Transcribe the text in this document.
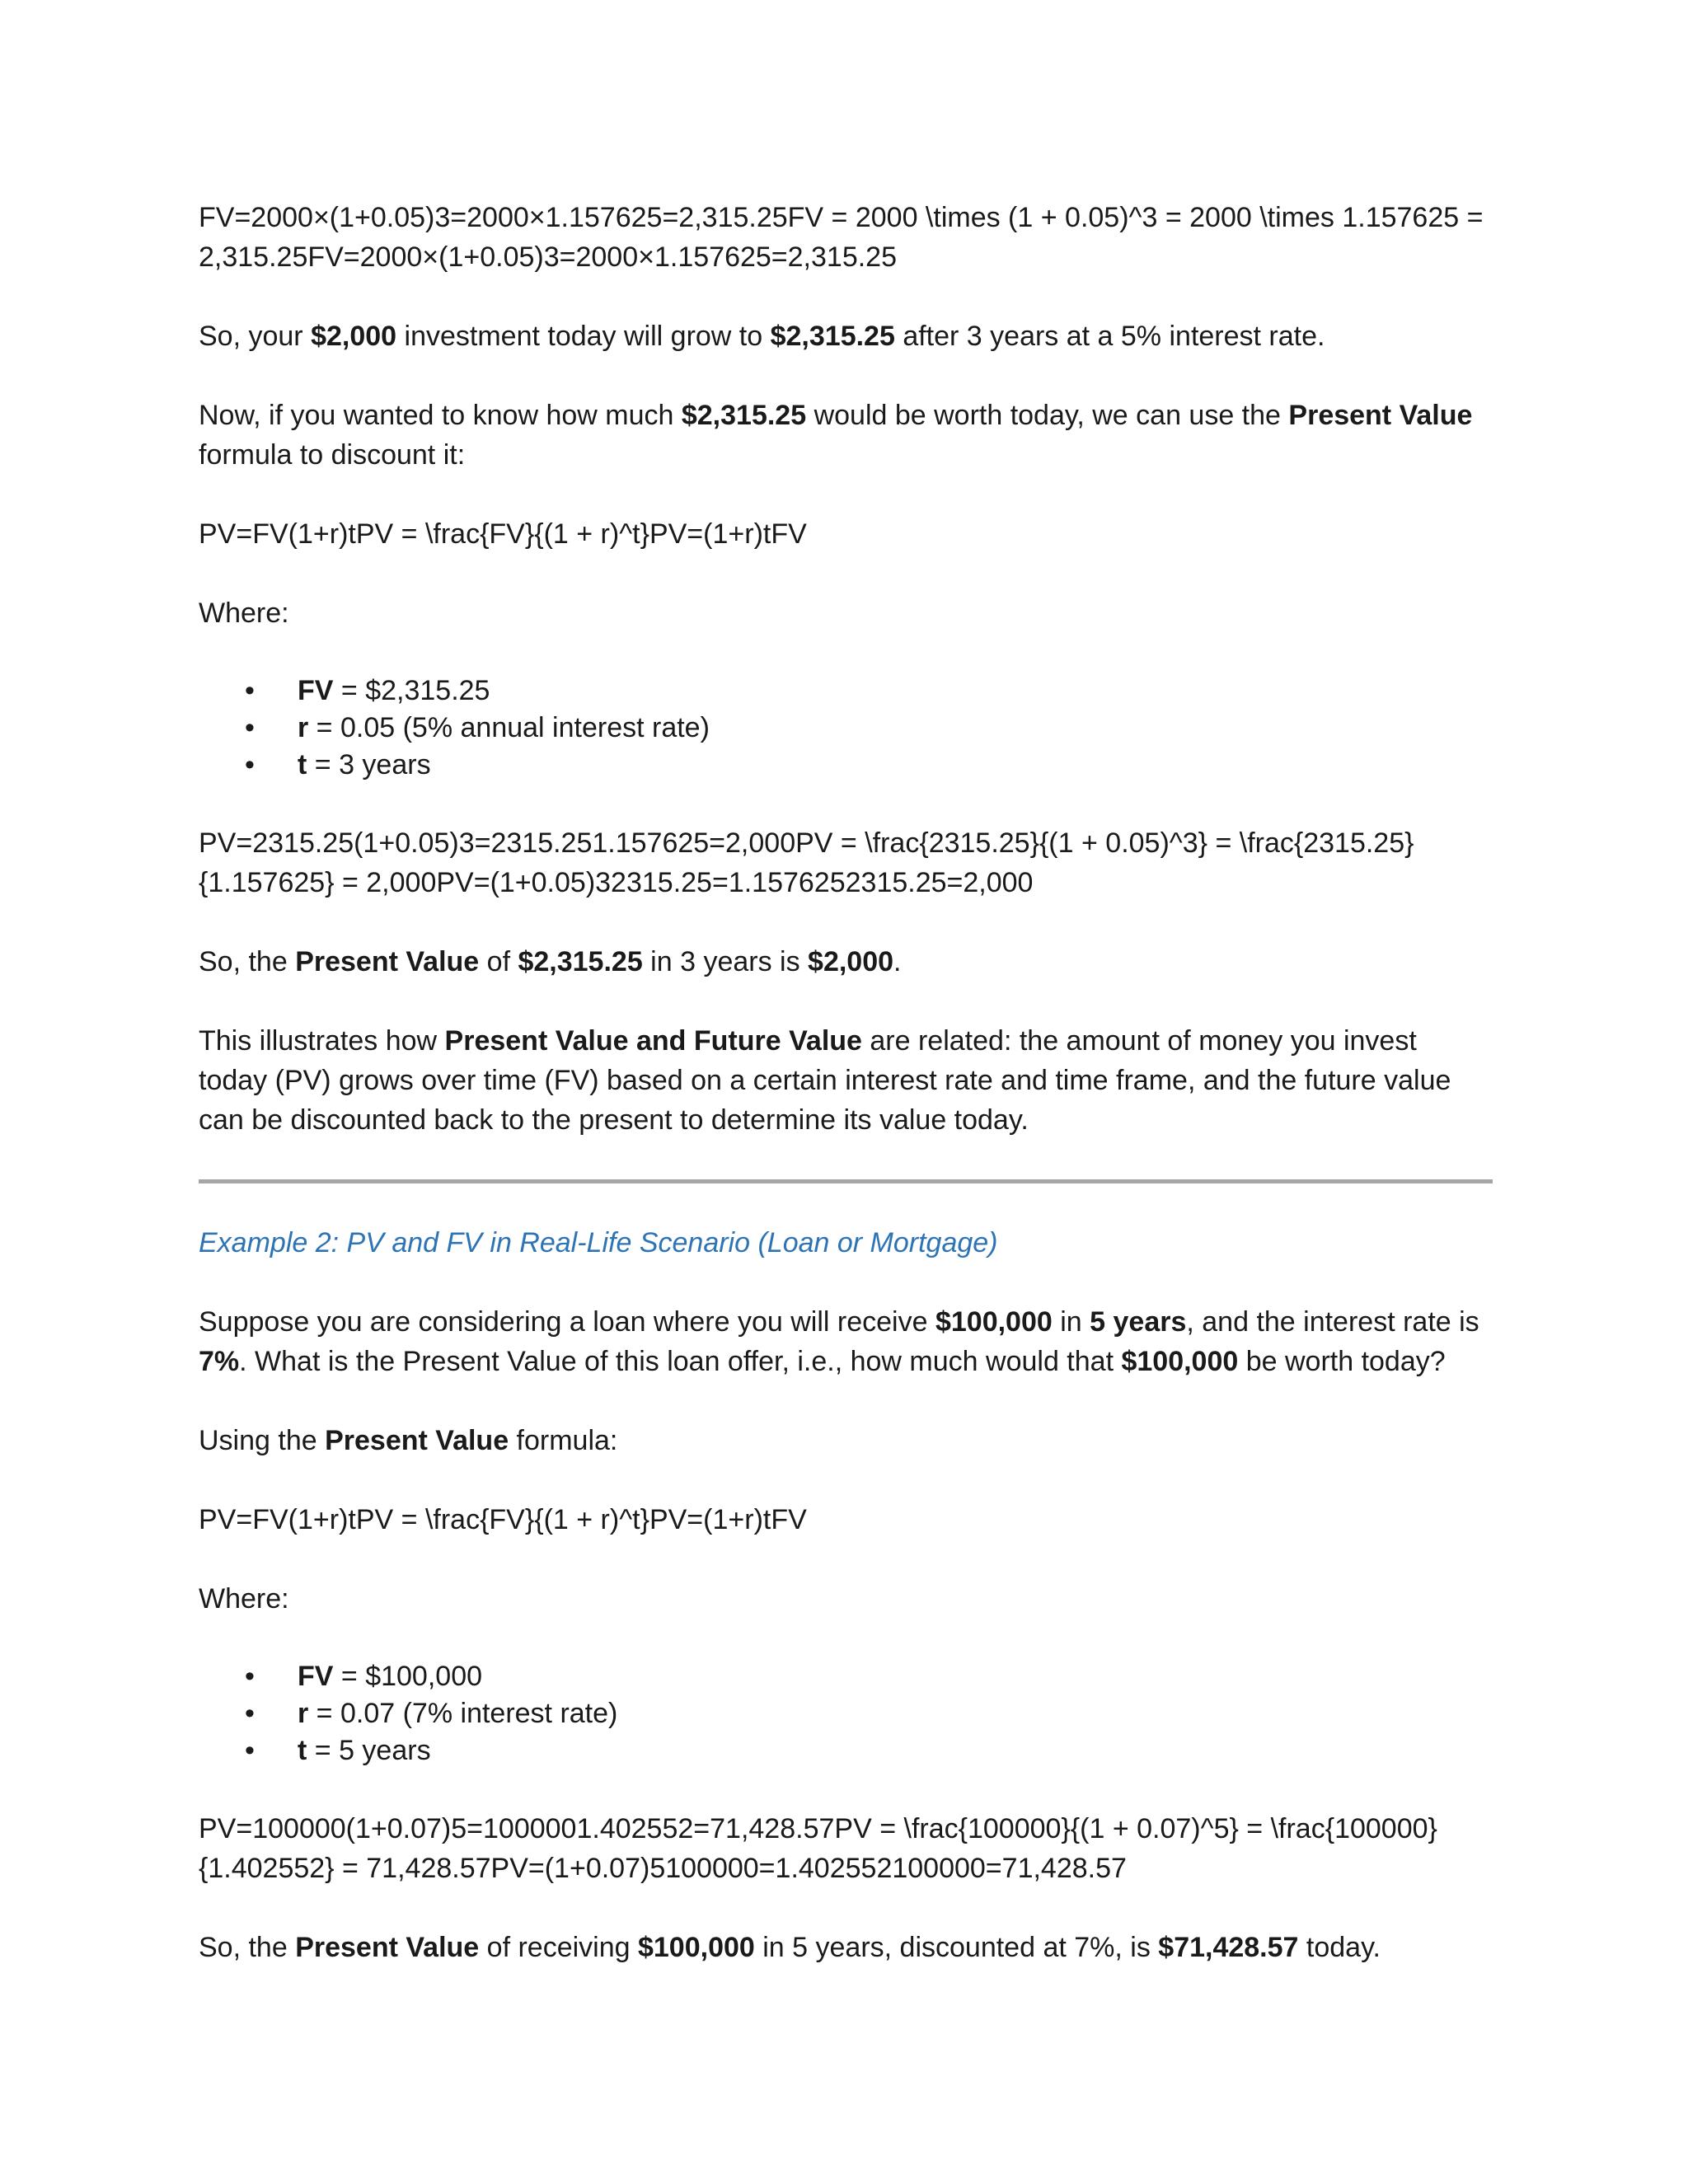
FV=2000×(1+0.05)3=2000×1.157625=2,315.25FV = 2000 \times (1 + 0.05)^3 = 2000 \times 1.157625 = 2,315.25FV=2000×(1+0.05)3=2000×1.157625=2,315.25

So, your $2,000 investment today will grow to $2,315.25 after 3 years at a 5% interest rate.

Now, if you wanted to know how much $2,315.25 would be worth today, we can use the Present Value formula to discount it:

PV=FV(1+r)tPV = \frac{FV}{(1 + r)^t}PV=(1+r)tFV

Where:

• FV = $2,315.25
• r = 0.05 (5% annual interest rate)
• t = 3 years

PV=2315.25(1+0.05)3=2315.251.157625=2,000PV = \frac{2315.25}{(1 + 0.05)^3} = \frac{2315.25}{1.157625} = 2,000PV=(1+0.05)32315.25=1.1576252315.25=2,000

So, the Present Value of $2,315.25 in 3 years is $2,000.

This illustrates how Present Value and Future Value are related: the amount of money you invest today (PV) grows over time (FV) based on a certain interest rate and time frame, and the future value can be discounted back to the present to determine its value today.

Example 2: PV and FV in Real-Life Scenario (Loan or Mortgage)

Suppose you are considering a loan where you will receive $100,000 in 5 years, and the interest rate is 7%. What is the Present Value of this loan offer, i.e., how much would that $100,000 be worth today?

Using the Present Value formula:

PV=FV(1+r)tPV = \frac{FV}{(1 + r)^t}PV=(1+r)tFV

Where:

• FV = $100,000
• r = 0.07 (7% interest rate)
• t = 5 years

PV=100000(1+0.07)5=1000001.402552=71,428.57PV = \frac{100000}{(1 + 0.07)^5} = \frac{100000}{1.402552} = 71,428.57PV=(1+0.07)5100000=1.402552100000=71,428.57

So, the Present Value of receiving $100,000 in 5 years, discounted at 7%, is $71,428.57 today.
